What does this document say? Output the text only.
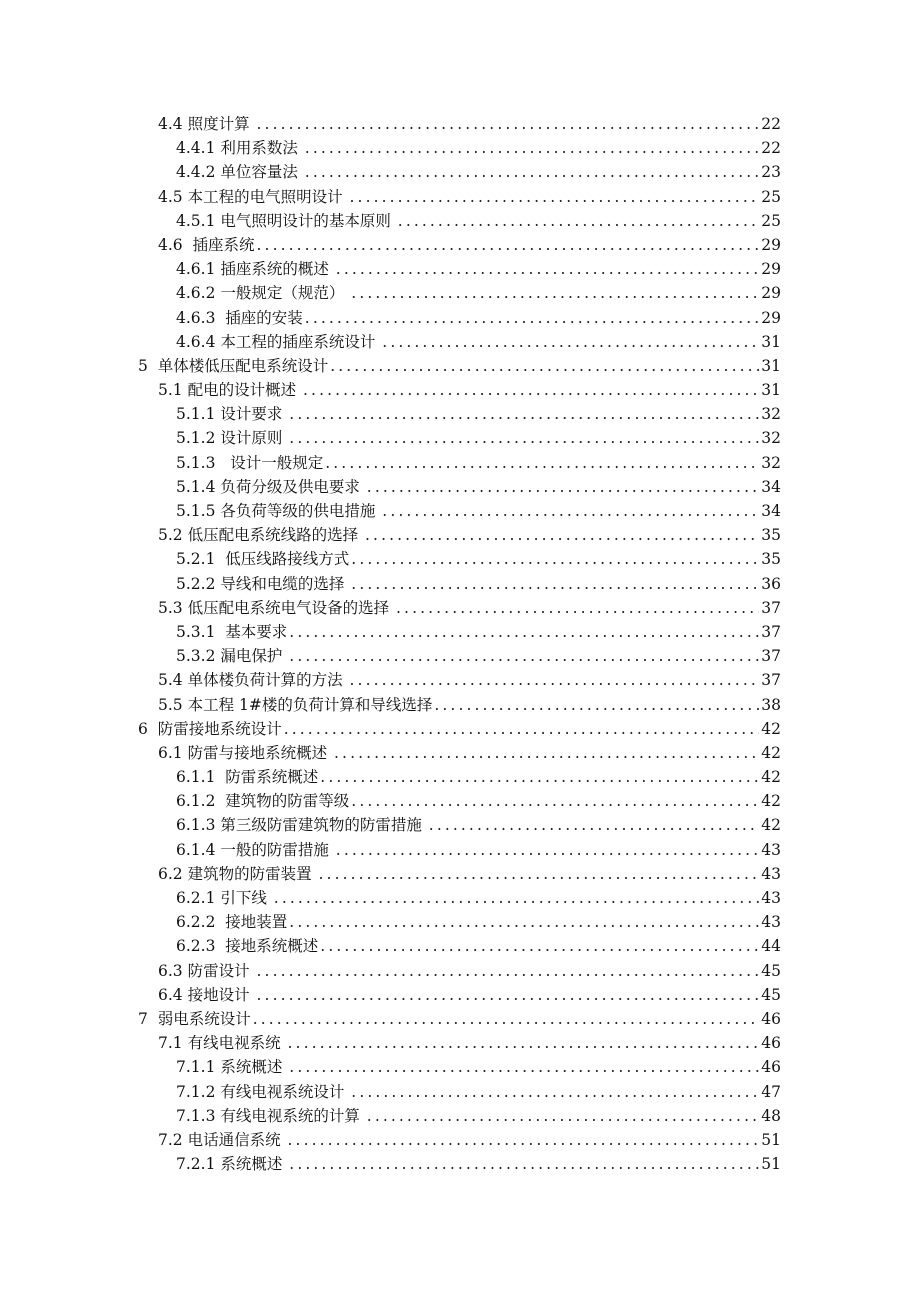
4.4 照度计算 .....	22
4.4.1 利用系数法 .....	22
4.4.2 单位容量法 .....	23
4.5 本工程的电气照明设计 .....	25
4.5.1 电气照明设计的基本原则 .....	25
4.6  插座系统 .....	29
4.6.1 插座系统的概述 .....	29
4.6.2 一般规定（规范） .....	29
4.6.3  插座的安装 .....	29
4.6.4 本工程的插座系统设计 .....	31
5  单体楼低压配电系统设计 .....	31
5.1 配电的设计概述 .....	31
5.1.1 设计要求 .....	32
5.1.2 设计原则 .....	32
5.1.3   设计一般规定 .....	32
5.1.4 负荷分级及供电要求 .....	34
5.1.5 各负荷等级的供电措施 .....	34
5.2 低压配电系统线路的选择 .....	35
5.2.1  低压线路接线方式 .....	35
5.2.2 导线和电缆的选择 .....	36
5.3 低压配电系统电气设备的选择 .....	37
5.3.1  基本要求 .....	37
5.3.2 漏电保护 .....	37
5.4 单体楼负荷计算的方法 .....	37
5.5 本工程 1#楼的负荷计算和导线选择 .....	38
6  防雷接地系统设计 .....	42
6.1 防雷与接地系统概述 .....	42
6.1.1  防雷系统概述 .....	42
6.1.2  建筑物的防雷等级 .....	42
6.1.3 第三级防雷建筑物的防雷措施 .....	42
6.1.4 一般的防雷措施 .....	43
6.2 建筑物的防雷装置 .....	43
6.2.1 引下线 .....	43
6.2.2  接地装置 .....	43
6.2.3  接地系统概述 .....	44
6.3 防雷设计 .....	45
6.4 接地设计 .....	45
7  弱电系统设计 .....	46
7.1 有线电视系统 .....	46
7.1.1 系统概述 .....	46
7.1.2 有线电视系统设计 .....	47
7.1.3 有线电视系统的计算 .....	48
7.2 电话通信系统 .....	51
7.2.1 系统概述 .....	51
